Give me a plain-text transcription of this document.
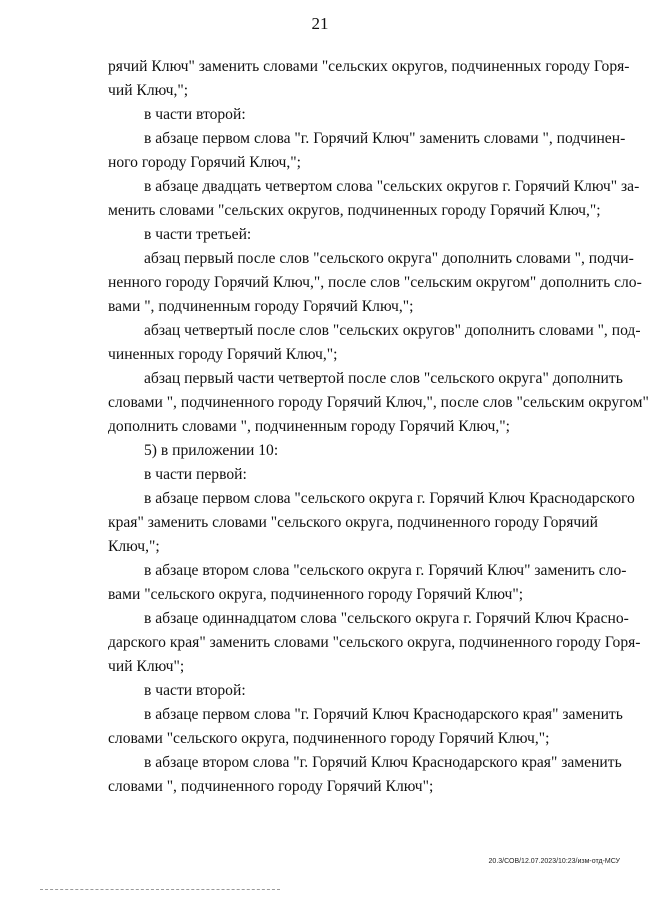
21
рячий Ключ" заменить словами "сельских округов, подчиненных городу Горя-
чий Ключ,";
в части второй:
в абзаце первом слова "г. Горячий Ключ" заменить словами ", подчинен-
ного городу Горячий Ключ,";
в абзаце двадцать четвертом слова "сельских округов г. Горячий Ключ" за-
менить словами "сельских округов, подчиненных городу Горячий Ключ,";
в части третьей:
абзац первый после слов "сельского округа" дополнить словами ", подчи-
ненного городу Горячий Ключ,", после слов "сельским округом" дополнить сло-
вами ", подчиненным городу Горячий Ключ,";
абзац четвертый после слов "сельских округов" дополнить словами ", под-
чиненных городу Горячий Ключ,";
абзац первый части четвертой после слов "сельского округа" дополнить
словами ", подчиненного городу Горячий Ключ,", после слов "сельским округом"
дополнить словами ", подчиненным городу Горячий Ключ,";
5) в приложении 10:
в части первой:
в абзаце первом слова "сельского округа г. Горячий Ключ Краснодарского
края" заменить словами "сельского округа, подчиненного городу Горячий
Ключ,";
в абзаце втором слова "сельского округа г. Горячий Ключ" заменить сло-
вами "сельского округа, подчиненного городу Горячий Ключ";
в абзаце одиннадцатом слова "сельского округа г. Горячий Ключ Красно-
дарского края" заменить словами "сельского округа, подчиненного городу Горя-
чий Ключ";
в части второй:
в абзаце первом слова "г. Горячий Ключ Краснодарского края" заменить
словами "сельского округа, подчиненного городу Горячий Ключ,";
в абзаце втором слова "г. Горячий Ключ Краснодарского края" заменить
словами ", подчиненного городу Горячий Ключ";
20.3/СОВ/12.07.2023/10:23/изм-отд-МСУ
